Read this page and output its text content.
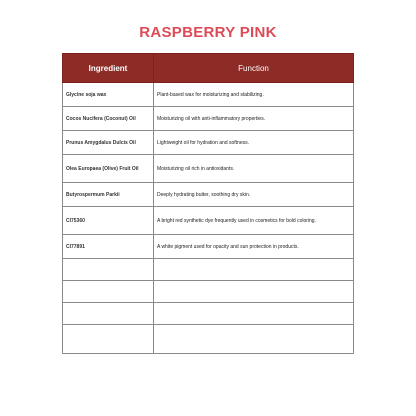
RASPBERRY PINK
Ingredient	Function
Glycine soja wax	Plant-based wax for moisturizing and stabilizing.
Cocos Nucifera (Coconut) Oil	Moisturizing oil with anti-inflammatory properties.
Prunus Amygdalus Dulcis Oil	Lightweight oil for hydration and softness.
Olea Europaea (Olive) Fruit Oil	Moisturizing oil rich in antioxidants.
Butyrospermum Parkii	Deeply hydrating butter, soothing dry skin.
CI75360	A bright red synthetic dye frequently used in cosmetics for bold coloring.
CI77891	A white pigment used for opacity and sun protection in products.
